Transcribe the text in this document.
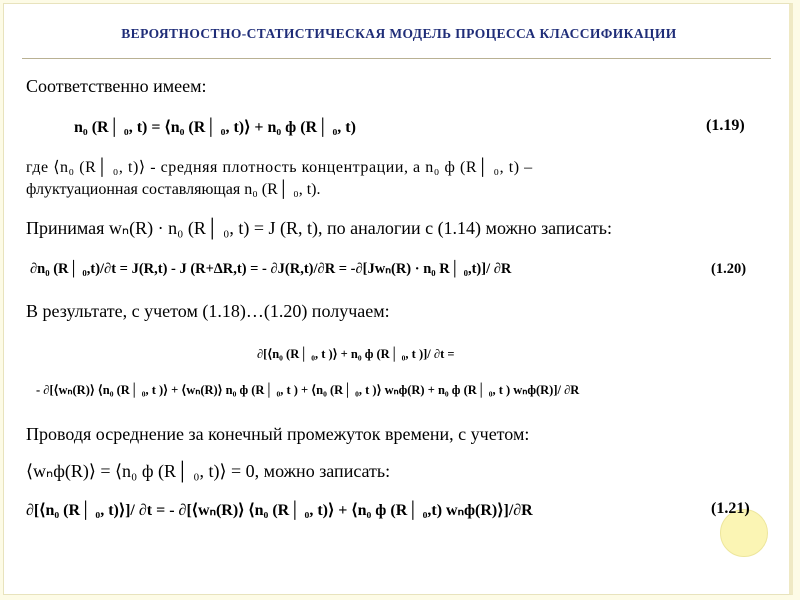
ВЕРОЯТНОСТНО-СТАТИСТИЧЕСКАЯ МОДЕЛЬ ПРОЦЕССА КЛАССИФИКАЦИИ
Соответственно имеем:
n₀ (R│ ₀, t) = ⟨n₀ (R│ ₀, t)⟩ + n₀ ф (R│ ₀, t)	(1.19)
где ⟨n₀ (R│ ₀, t)⟩ - средняя плотность концентрации, а n₀ ф (R│ ₀, t) –
флуктуационная составляющая n₀ (R│ ₀, t).
Принимая wₙ(R) · n₀ (R│ ₀, t) = J (R, t), по аналогии с (1.14) можно записать:
∂n₀ (R│ ₀,t)/∂t = J(R,t) - J (R+∆R,t) = - ∂J(R,t)/∂R = -∂[Jwₙ(R) · n₀ R│ ₀,t)]/ ∂R	(1.20)
В результате, с учетом (1.18)…(1.20) получаем:
∂[⟨n₀ (R│ ₀, t )⟩ + n₀ ф (R│ ₀, t )]/ ∂t =
- ∂[⟨wₙ(R)⟩ ⟨n₀ (R│ ₀, t )⟩ + ⟨wₙ(R)⟩ n₀ ф (R│ ₀, t ) + ⟨n₀ (R│ ₀, t )⟩ wₙф(R) + n₀ ф (R│ ₀, t ) wₙф(R)]/ ∂R
Проводя осреднение за конечный промежуток времени, с учетом:
⟨wₙф(R)⟩ = ⟨n₀ ф (R│ ₀, t)⟩ = 0, можно записать:
∂[⟨n₀ (R│ ₀, t)⟩]/ ∂t = - ∂[⟨wₙ(R)⟩ ⟨n₀ (R│ ₀, t)⟩ + ⟨n₀ ф (R│ ₀,t) wₙф(R)⟩]/∂R	(1.21)
